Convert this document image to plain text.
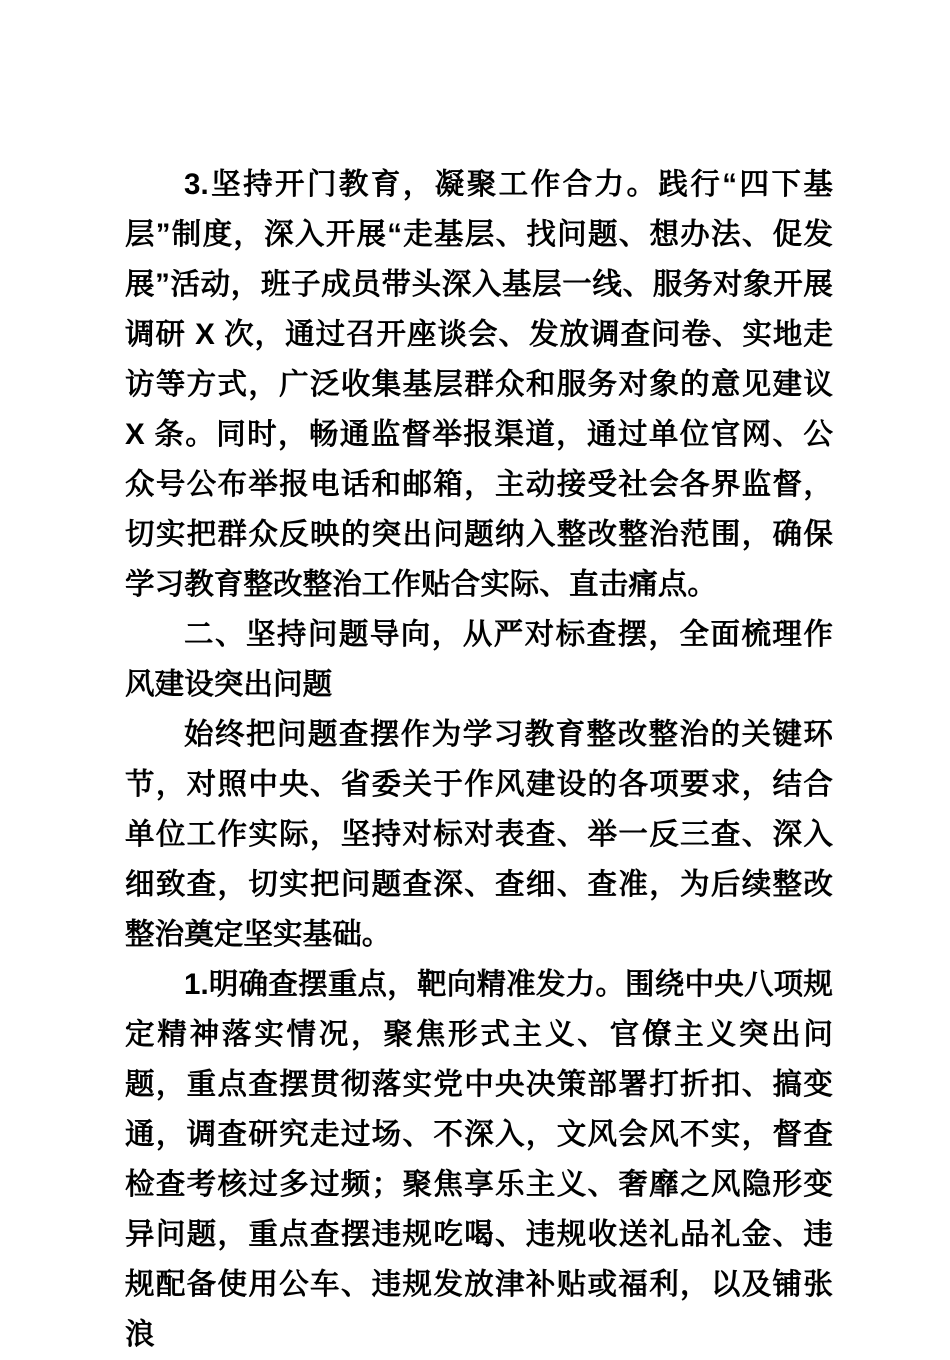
3.坚持开门教育，凝聚工作合力。践行“四下基层”制度，深入开展“走基层、找问题、想办法、促发展”活动，班子成员带头深入基层一线、服务对象开展调研 X 次，通过召开座谈会、发放调查问卷、实地走访等方式，广泛收集基层群众和服务对象的意见建议 X 条。同时，畅通监督举报渠道，通过单位官网、公众号公布举报电话和邮箱，主动接受社会各界监督，切实把群众反映的突出问题纳入整改整治范围，确保学习教育整改整治工作贴合实际、直击痛点。

二、坚持问题导向，从严对标查摆，全面梳理作风建设突出问题

始终把问题查摆作为学习教育整改整治的关键环节，对照中央、省委关于作风建设的各项要求，结合单位工作实际，坚持对标对表查、举一反三查、深入细致查，切实把问题查深、查细、查准，为后续整改整治奠定坚实基础。

1.明确查摆重点，靶向精准发力。围绕中央八项规定精神落实情况，聚焦形式主义、官僚主义突出问题，重点查摆贯彻落实党中央决策部署打折扣、搞变通，调查研究走过场、不深入，文风会风不实，督查检查考核过多过频；聚焦享乐主义、奢靡之风隐形变异问题，重点查摆违规吃喝、违规收送礼品礼金、违规配备使用公车、违规发放津补贴或福利，以及铺张浪
